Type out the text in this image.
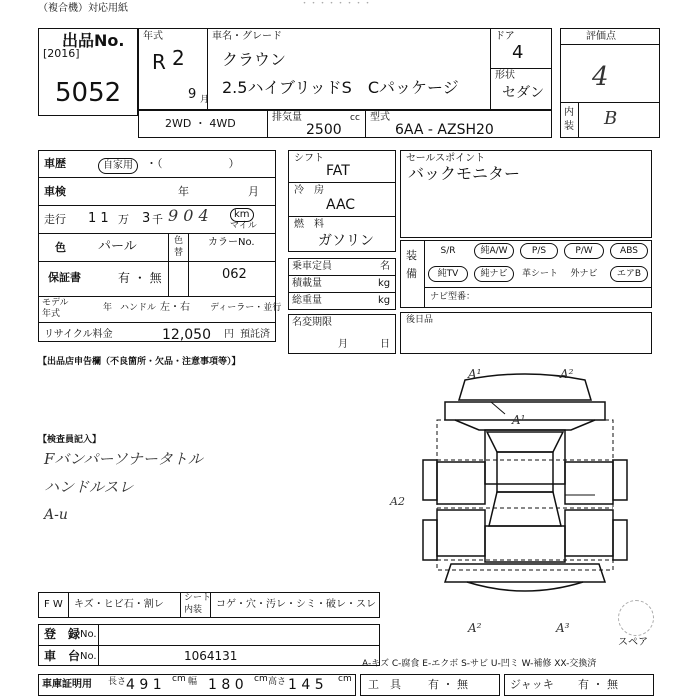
（複合機）対応用紙	・・・・・・・・
出品No.
[2016]
5052
年式
R 2
9 月
車名・グレード
クラウン
2.5ハイブリッドS　Cパッケージ
ドア
4
形状
セダン
評価点
4
内
装 B
2WD ・ 4WD	排気量
2500
cc 型式
6AA - AZSH20
車歴	自家用	・（　　　　　　）
車検	年	月
走行 1 1 万 3 千 9 0 4	km
マイル
色 パール	色
替
カラーNo.
062
保証書	有 ・ 無
モデル
年式
年 ハンドル 左・右 ディーラー・並行
リサイクル料金	12,050 円 預託済
シフト
FAT
冷　房
AAC
燃　料
ガソリン
乗車定員	名
積載量	kg
総重量	kg
名変期限
月	日
セールスポイント
バックモニター
装
備
S/R	純A/W	P/S	P/W	ABS
純TV	純ナビ	革シート	外ナビ	エアB
ナビ型番：
後日品
【出品店申告欄（不良箇所・欠品・注意事項等）】
【検査員記入】
Fバンパーソナータトル
ハンドルスレ
A-u
A¹	A²
A¹
A2
A²	A³
スペア
F W キズ・ヒビ石・割レ
シート
内装 コゲ・穴・汚レ・シミ・破レ・スレ
登　録 No.
車　台 No.	1064131
A-キズ C-腐食 E-エクボ S-サビ U-凹ミ W-補修 XX-交換済
車庫証明用 長さ 4 9 1 cm 幅 1 8 0 cm 高さ 1 4 5 cm 工　具 有 ・ 無	ジャッキ 有 ・ 無
